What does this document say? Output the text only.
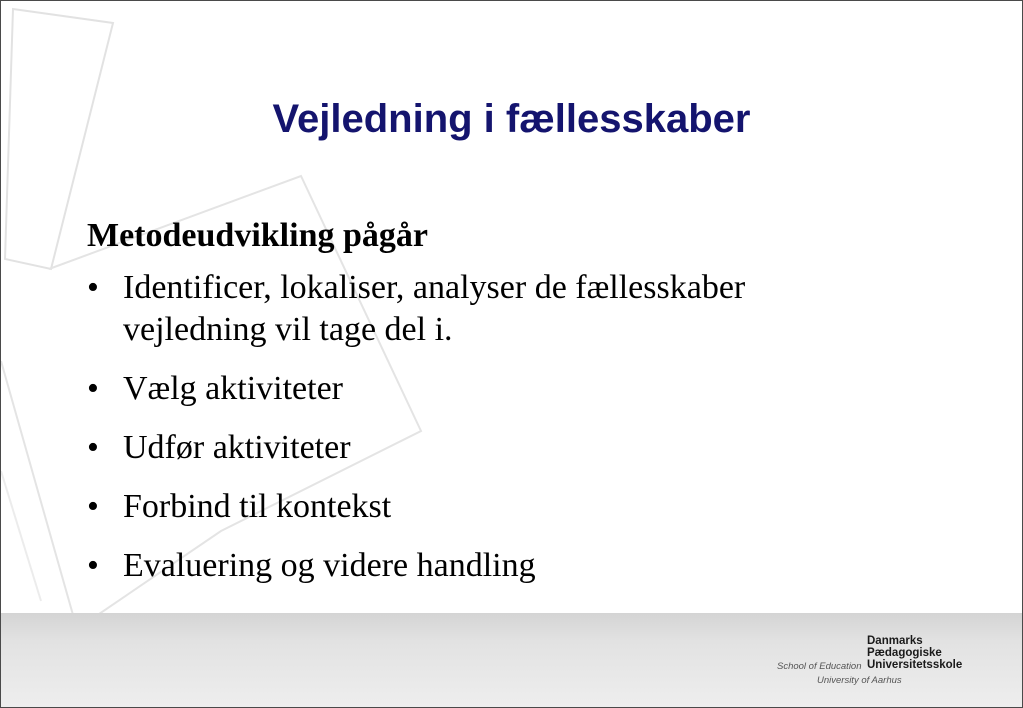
Vejledning i fællesskaber
Metodeudvikling pågår
• Identificer, lokaliser, analyser de fællesskaber
vejledning vil tage del i.
• Vælg aktiviteter
• Udfør aktiviteter
• Forbind til kontekst
• Evaluering og videre handling
Danmarks
Pædagogiske
Universitetsskole
School of Education
University of Aarhus
